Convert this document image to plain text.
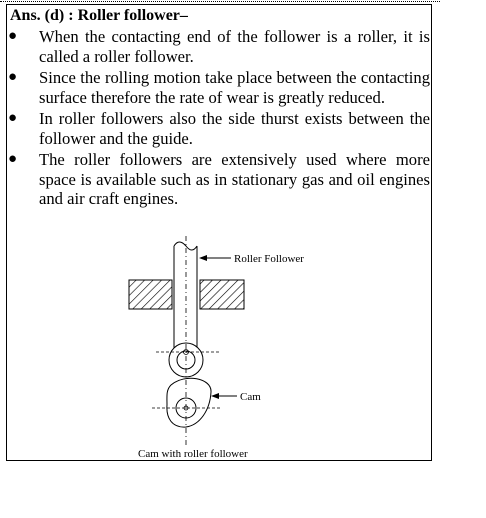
Ans. (d) : Roller follower–
● When the contacting end of the follower is a roller, it is called a roller follower.
● Since the rolling motion take place between the contacting surface therefore the rate of wear is greatly reduced.
● In roller followers also the side thurst exists between the follower and the guide.
● The roller followers are extensively used where more space is available such as in stationary gas and oil engines and air craft engines.
Roller Follower
Cam
Cam with roller follower
